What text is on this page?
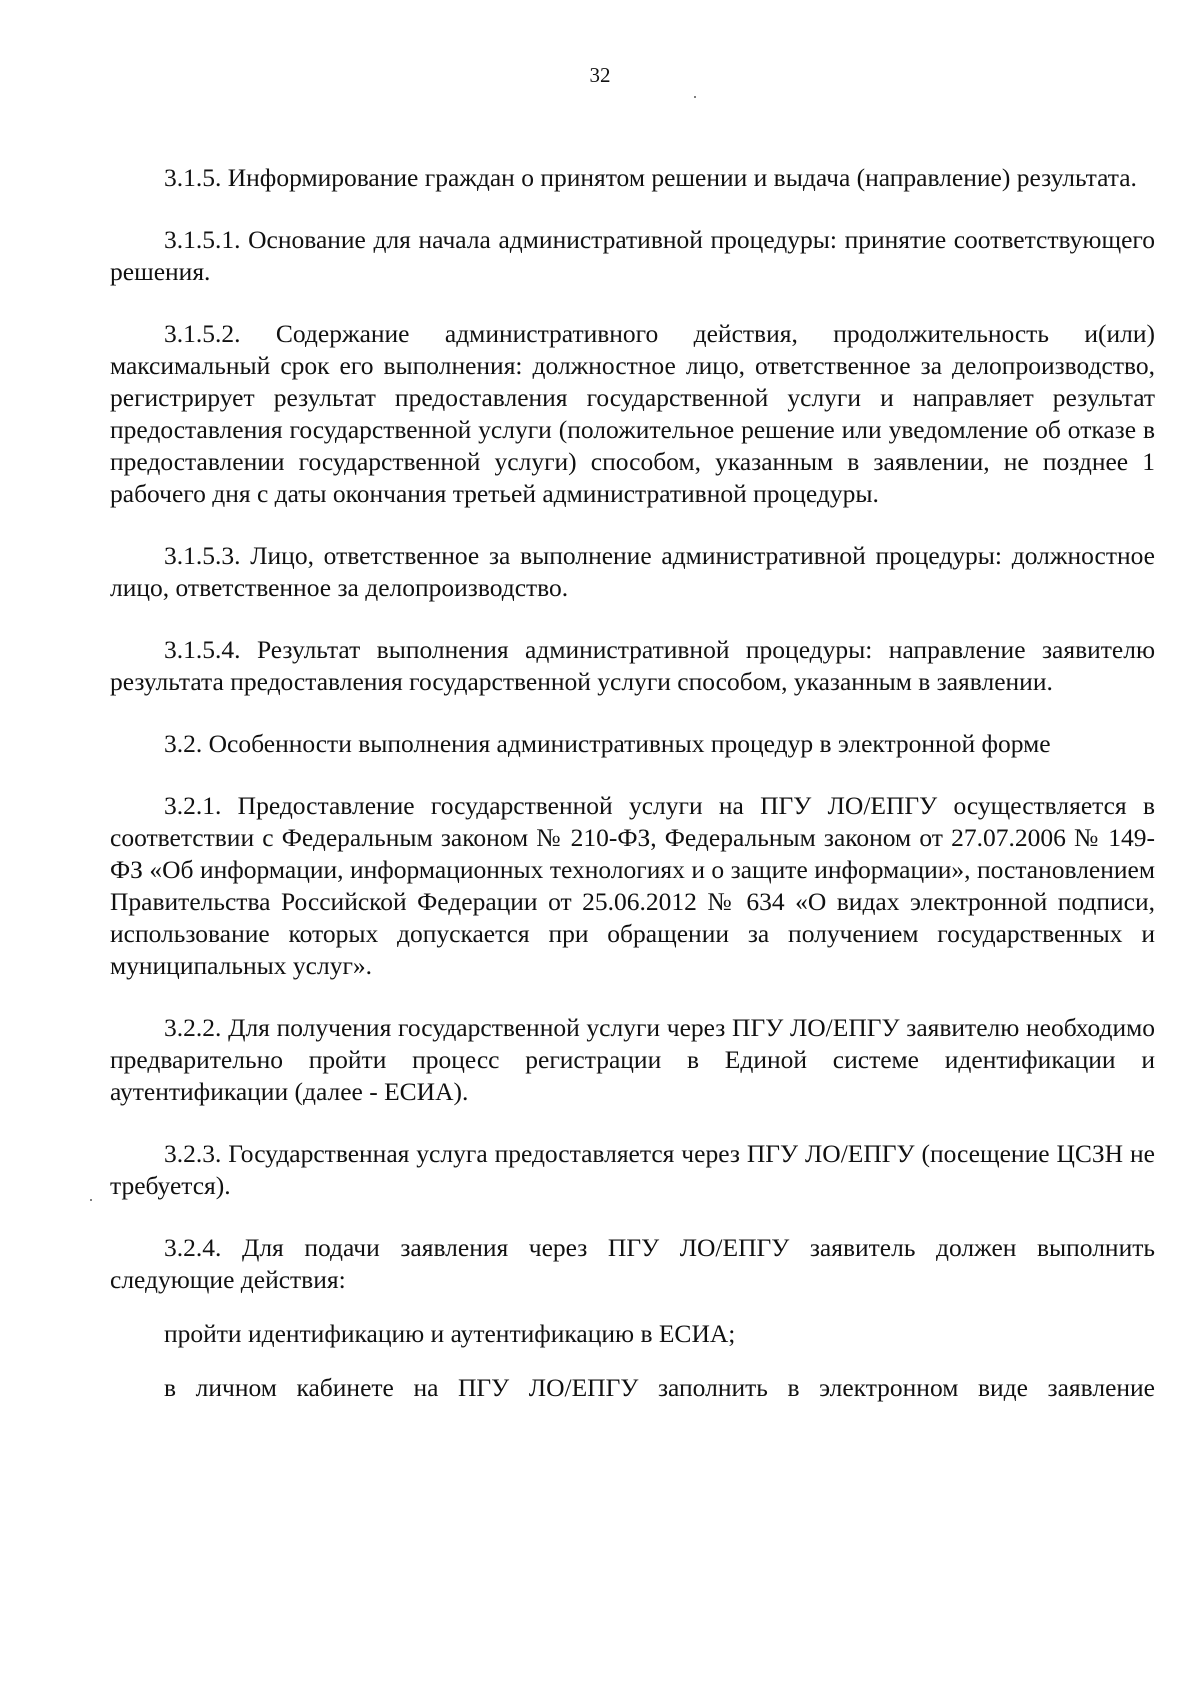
32

3.1.5. Информирование граждан о принятом решении и выдача (направление) результата.

3.1.5.1. Основание для начала административной процедуры: принятие соответствующего решения.

3.1.5.2. Содержание административного действия, продолжительность и(или) максимальный срок его выполнения: должностное лицо, ответственное за делопроизводство, регистрирует результат предоставления государственной услуги и направляет результат предоставления государственной услуги (положительное решение или уведомление об отказе в предоставлении государственной услуги) способом, указанным в заявлении, не позднее 1 рабочего дня с даты окончания третьей административной процедуры.

3.1.5.3. Лицо, ответственное за выполнение административной процедуры: должностное лицо, ответственное за делопроизводство.

3.1.5.4. Результат выполнения административной процедуры: направление заявителю результата предоставления государственной услуги способом, указанным в заявлении.

3.2. Особенности выполнения административных процедур в электронной форме

3.2.1. Предоставление государственной услуги на ПГУ ЛО/ЕПГУ осуществляется в соответствии с Федеральным законом № 210-ФЗ, Федеральным законом от 27.07.2006 № 149-ФЗ «Об информации, информационных технологиях и о защите информации», постановлением Правительства Российской Федерации от 25.06.2012 № 634 «О видах электронной подписи, использование которых допускается при обращении за получением государственных и муниципальных услуг».

3.2.2. Для получения государственной услуги через ПГУ ЛО/ЕПГУ заявителю необходимо предварительно пройти процесс регистрации в Единой системе идентификации и аутентификации (далее - ЕСИА).

3.2.3. Государственная услуга предоставляется через ПГУ ЛО/ЕПГУ (посещение ЦСЗН не требуется).

3.2.4. Для подачи заявления через ПГУ ЛО/ЕПГУ заявитель должен выполнить следующие действия:

пройти идентификацию и аутентификацию в ЕСИА;

в личном кабинете на ПГУ ЛО/ЕПГУ заполнить в электронном виде заявление
